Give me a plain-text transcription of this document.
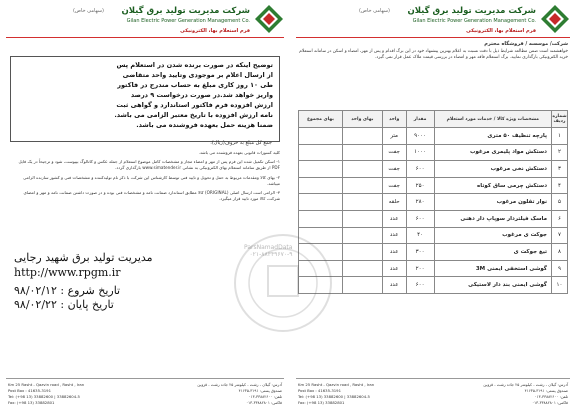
شرکت مدیریت تولید برق گیلان
(سهامی خاص)
Gilan Electric Power Generation Management Co.
فرم استعلام بها، الکترونیکی
شرکت/ موسسه / فروشگاه محترم
خواهشمند است ضمن مطالعه شرایط ذیل با دقت نسبت به اعلام بهترین پیشنهاد خود در این برگ اقدام و پس از مهر، امضاء و اسکن در سامانه استعلام خرید الکترونیکی بارگذاری نمایید. برگ استعلام فاقد مهر و امضاء در بررسی قیمت ملاک عمل قرار نمی گیرد.
شماره ردیف	مشخصات ویژه کالا / خدمات مورد استعلام	مقدار	واحد	بهای واحد	بهای مجموع
۱	پارچه تنظیف ۵۰ متری	۹۰۰۰	متر		
۲	دستکش مواد پلیمری مرغوب	۱۰۰۰	جفت		
۳	دستکش نخی مرغوب	۶۰۰	جفت		
۴	دستکش چرمی ساق کوتاه	۲۵۰	جفت		
۵	نوار تفلون مرغوب	۲۸۰	حلقه		
۶	ماسک فیلتردار سوپاپ دار دهنی	۶۰۰	عدد		
۷	جوکت ی مرغوب	۴۰	عدد		
۸	تیغ جوکت ی	۳۰۰	عدد		
۹	گوشی استخفی ایمنی 3M	۲۰۰	عدد		
۱۰	گوشی ایمنی بند دار لاستیکی	۶۰۰	عدد		
Km 25 Rasht - Qazvin road , Rasht , Iran
Post Box : 41635-3191
Tel: (+98 13) 33882600 | 33882604-5
Fax: (+98 13) 33882801
آدرس: گیلان - رشت - کیلومتر ۲۵ جاده رشت - قزوین
صندوق پستی: ۳۱۹۱-۴۱۶۳۵
تلفن: ۳۳۸۸۲۶۰۰-۰۱۳
فاکس: ۳۳۸۸۲۸۰۱-۰۱۳
شرکت مدیریت تولید برق گیلان
(سهامی خاص)
Gilan Electric Power Generation Management Co.
فرم استعلام بها، الکترونیکی
توضیح اینکه در صورت برنده شدن در استعلام پس از ارسال اعلام بر موجودی وتایید واحد متقاضی طی ۱۰ روز کاری مبلغ به حساب مندرج در فاکتور واریز خواهد شد.در صورت درخواست ۹ درصد ارزش افزوده فرم فاکتور استاندارد و گواهی ثبت نامه ارزش افزوده با تاریخ معتبر الزامی می باشد. ضمنا هزینه حمل بعهده فروشنده می باشد.
جمع کل مبلغ به حروف(ریال):

کلیه کسورات قانونی بعهده فروشنده می باشد.

۱- اسکن تکمیل شده این فرم پس از مهر و امضاء مجاز و مشخصات کامل موضوع استعلام از جمله عکس و کاتالوگ بپیوست، شود و ترجیحاً در یک فایل PDF از طریق سامانه استعلام بهای الکترونیکی به نشانی www.simatender.ir بارگذاری گردد.

۲- بهای کالا ومقدمات مربوط به حمل و تحویل و تایید فنی توسط کارشناس این شرکت با ذکر نام تولیدکننده و مشخصات فنی و کشور سازنده الزامی میباشد.

۳- الزامی است ارسال اصلی (ORIGINAL) کالا مطابق استاندارد ضمانت نامه و مشخصات فنی بوده و در صورت داشتن ضمانت نامه و مهر و امضای شرکت، کالا مورد تایید قرار میگیرد.

مدیریت تولید برق شهید رجایی
http://www.rpgm.ir
تاریخ شروع : ۹۸/۰۲/۱۲
تاریخ پایان : ۹۸/۰۲/۲۲
Km 25 Rasht - Qazvin road , Rasht , Iran
Post Box : 41635-3191
Tel: (+98 13) 33882600 | 33882604-5
Fax: (+98 13) 33882801
آدرس: گیلان - رشت - کیلومتر ۲۵ جاده رشت - قزوین
صندوق پستی: ۳۱۹۱-۴۱۶۳۵
تلفن: ۳۳۸۸۲۶۰۰-۰۱۳
فاکس: ۳۳۸۸۲۸۰۱-۰۱۳
ParsNamadData
۰۲۱-۸۸۳۴۹۶۷۰-۹
